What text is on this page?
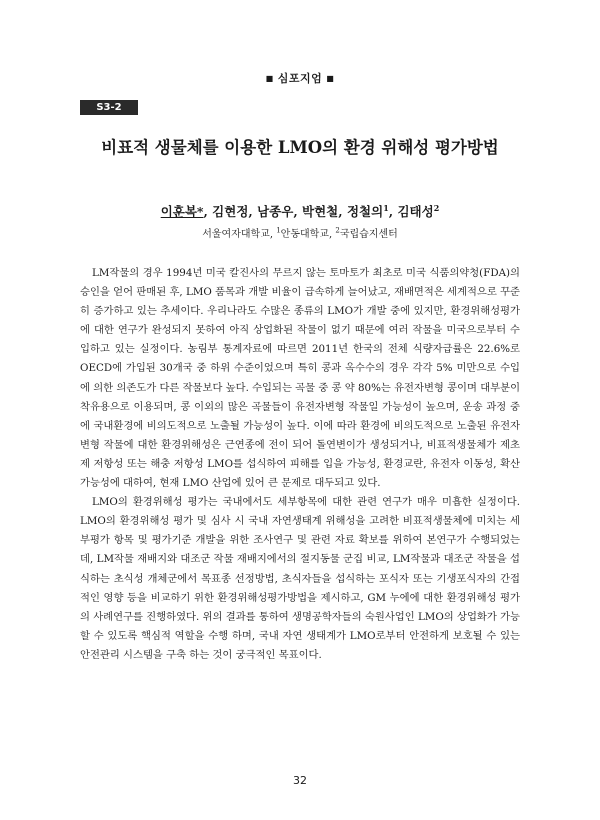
■ 심포지엄 ■
S3-2
비표적 생물체를 이용한 LMO의 환경 위해성 평가방법
이훈복*, 김현정, 남종우, 박현철, 정철의$^1$, 김태성$^2$
서울여자대학교, $^1$안동대학교, $^2$국립습지센터

LM작물의 경우 1994년 미국 칼진사의 무르지 않는 토마토가 최초로 미국 식품의약청(FDA)의 승인을 얻어 판매된 후, LMO 품목과 개발 비율이 급속하게 늘어났고, 재배면적은 세계적으로 꾸준히 증가하고 있는 추세이다. 우리나라도 수많은 종류의 LMO가 개발 중에 있지만, 환경위해성평가에 대한 연구가 완성되지 못하여 아직 상업화된 작물이 없기 때문에 여러 작물을 미국으로부터 수입하고 있는 실정이다. 농림부 통계자료에 따르면 2011년 한국의 전체 식량자급률은 22.6%로 OECD에 가입된 30개국 중 하위 수준이었으며 특히 콩과 옥수수의 경우 각각 5% 미만으로 수입에 의한 의존도가 다른 작물보다 높다. 수입되는 곡물 중 콩 약 80%는 유전자변형 콩이며 대부분이 착유용으로 이용되며, 콩 이외의 많은 곡물들이 유전자변형 작물일 가능성이 높으며, 운송 과정 중에 국내환경에 비의도적으로 노출될 가능성이 높다. 이에 따라 환경에 비의도적으로 노출된 유전자변형 작물에 대한 환경위해성은 근연종에 전이 되어 돌연변이가 생성되거나, 비표적생물체가 제초제 저항성 또는 해충 저항성 LMO를 섭식하여 피해를 입을 가능성, 환경교란, 유전자 이동성, 확산가능성에 대하여, 현재 LMO 산업에 있어 큰 문제로 대두되고 있다.

LMO의 환경위해성 평가는 국내에서도 세부항목에 대한 관련 연구가 매우 미흡한 실정이다. LMO의 환경위해성 평가 및 심사 시 국내 자연생태계 위해성을 고려한 비표적생물체에 미치는 세부평가 항목 및 평가기준 개발을 위한 조사연구 및 관련 자료 확보를 위하여 본연구가 수행되었는데, LM작물 재배지와 대조군 작물 재배지에서의 절지동물 군집 비교, LM작물과 대조군 작물을 섭식하는 초식성 개체군에서 목표종 선정방법, 초식자들을 섭식하는 포식자 또는 기생포식자의 간접적인 영향 등을 비교하기 위한 환경위해성평가방법을 제시하고, GM 누에에 대한 환경위해성 평가의 사례연구를 진행하였다. 위의 결과를 통하여 생명공학자들의 숙원사업인 LMO의 상업화가 가능할 수 있도록 핵심적 역할을 수행 하며, 국내 자연 생태계가 LMO로부터 안전하게 보호될 수 있는 안전관리 시스템을 구축 하는 것이 궁극적인 목표이다.

32
